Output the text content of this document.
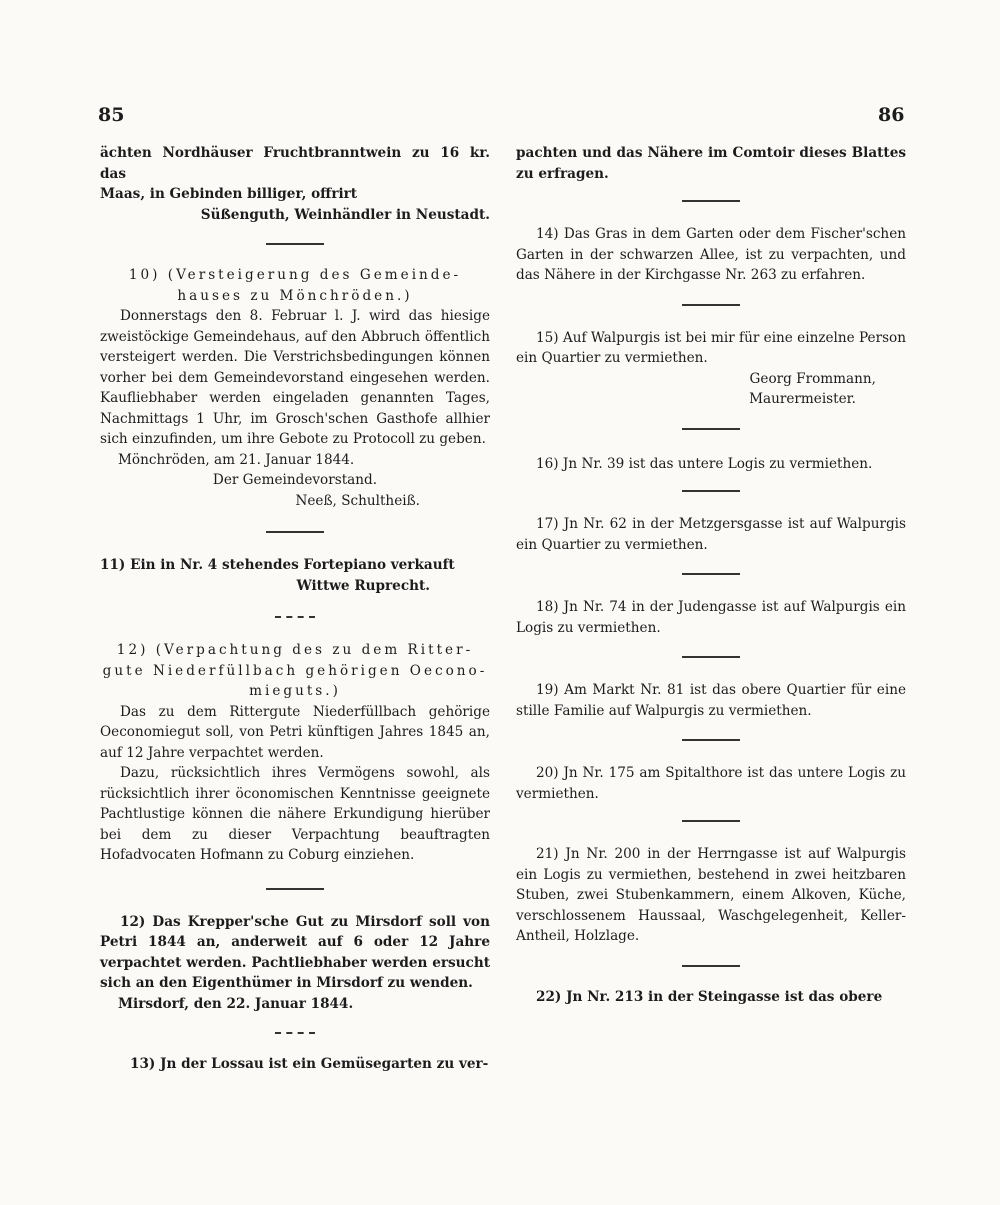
85	86

ächten Nordhäuser Fruchtbranntwein zu 16 kr. das

Maas, in Gebinden billiger, offrirt

Süßenguth, Weinhändler in Neustadt.

10) (Versteigerung des Gemeinde-

hauses zu Mönchröden.)

Donnerstags den 8. Februar l. J. wird das hiesige zweistöckige Gemeindehaus, auf den Abbruch öffentlich versteigert werden. Die Verstrichsbedingungen können vorher bei dem Gemeindevorstand eingesehen werden. Kaufliebhaber werden eingeladen genannten Tages, Nachmittags 1 Uhr, im Grosch'schen Gasthofe allhier sich einzufinden, um ihre Gebote zu Protocoll zu geben.

Mönchröden, am 21. Januar 1844.

Der Gemeindevorstand.

Neeß, Schultheiß.

11) Ein in Nr. 4 stehendes Fortepiano verkauft

Wittwe Ruprecht.

12) (Verpachtung des zu dem Ritter-

gute Niederfüllbach gehörigen Oecono-

mieguts.)

Das zu dem Rittergute Niederfüllbach gehörige Oeconomiegut soll, von Petri künftigen Jahres 1845 an, auf 12 Jahre verpachtet werden.

Dazu, rücksichtlich ihres Vermögens sowohl, als rücksichtlich ihrer öconomischen Kenntnisse geeignete Pachtlustige können die nähere Erkundigung hierüber bei dem zu dieser Verpachtung beauftragten Hofadvocaten Hofmann zu Coburg einziehen.

12) Das Krepper'sche Gut zu Mirsdorf soll von Petri 1844 an, anderweit auf 6 oder 12 Jahre verpachtet werden. Pachtliebhaber werden ersucht sich an den Eigenthümer in Mirsdorf zu wenden.

Mirsdorf, den 22. Januar 1844.

13) Jn der Lossau ist ein Gemüsegarten zu ver-

pachten und das Nähere im Comtoir dieses Blattes zu erfragen.

14) Das Gras in dem Garten oder dem Fischer'schen Garten in der schwarzen Allee, ist zu verpachten, und das Nähere in der Kirchgasse Nr. 263 zu erfahren.

15) Auf Walpurgis ist bei mir für eine einzelne Person ein Quartier zu vermiethen.

Georg Frommann,

Maurermeister.

16) Jn Nr. 39 ist das untere Logis zu vermiethen.

17) Jn Nr. 62 in der Metzgersgasse ist auf Walpurgis ein Quartier zu vermiethen.

18) Jn Nr. 74 in der Judengasse ist auf Walpurgis ein Logis zu vermiethen.

19) Am Markt Nr. 81 ist das obere Quartier für eine stille Familie auf Walpurgis zu vermiethen.

20) Jn Nr. 175 am Spitalthore ist das untere Logis zu vermiethen.

21) Jn Nr. 200 in der Herrngasse ist auf Walpurgis ein Logis zu vermiethen, bestehend in zwei heitzbaren Stuben, zwei Stubenkammern, einem Alkoven, Küche, verschlossenem Haussaal, Waschgelegenheit, Keller-Antheil, Holzlage.

22) Jn Nr. 213 in der Steingasse ist das obere
